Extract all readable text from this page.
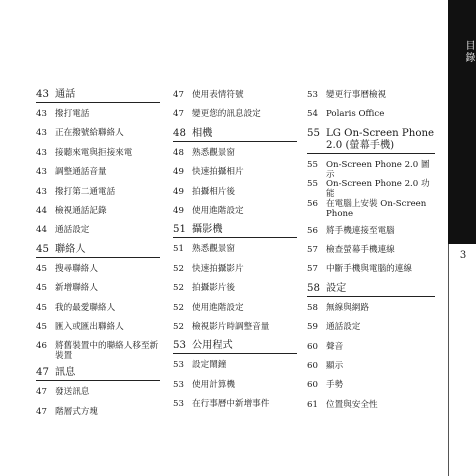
43 通話
43 撥打電話
43 正在撥號給聯絡人
43 接聽來電與拒接來電
43 調整通話音量
43 撥打第二通電話
44 檢視通話記錄
44 通話設定
45 聯絡人
45 搜尋聯絡人
45 新增聯絡人
45 我的最愛聯絡人
45 匯入或匯出聯絡人
46 將舊裝置中的聯絡人移至新裝置
47 訊息
47 發送訊息
47 階層式方塊
47 使用表情符號
47 變更您的訊息設定
48 相機
48 熟悉觀景窗
49 快速拍攝相片
49 拍攝相片後
49 使用進階設定
51 攝影機
51 熟悉觀景窗
52 快速拍攝影片
52 拍攝影片後
52 使用進階設定
52 檢視影片時調整音量
53 公用程式
53 設定鬧鐘
53 使用計算機
53 在行事曆中新增事件
53 變更行事曆檢視
54 Polaris Office
55 LG On-Screen Phone 2.0 (螢幕手機)
55 On-Screen Phone 2.0 圖示
55 On-Screen Phone 2.0 功能
56 在電腦上安裝 On-Screen Phone
56 將手機連接至電腦
57 檢查螢幕手機連線
57 中斷手機與電腦的連線
58 設定
58 無線與網路
59 通話設定
60 聲音
60 顯示
60 手勢
61 位置與安全性
目錄
3
